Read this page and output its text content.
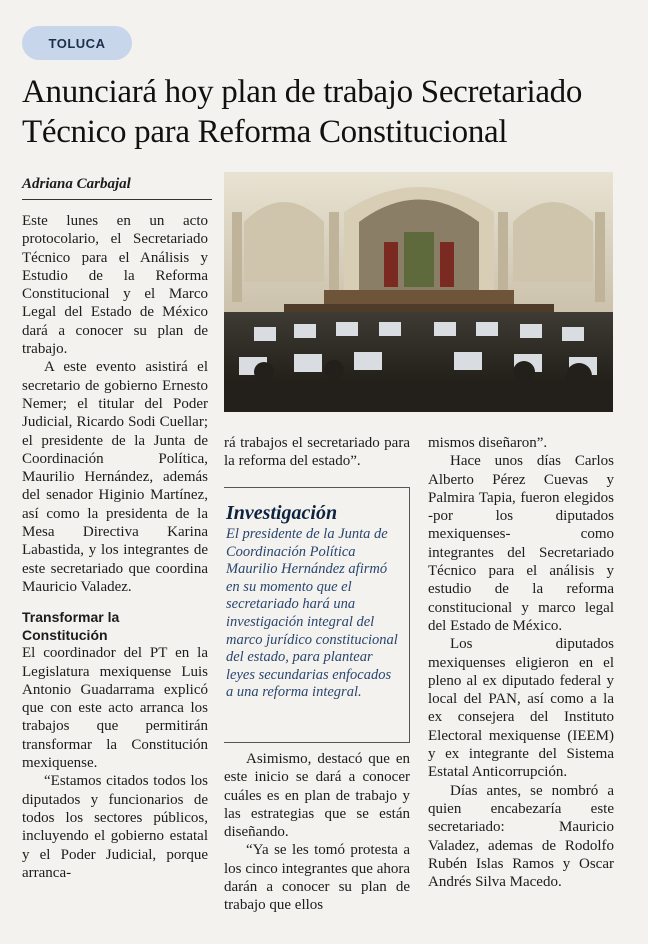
TOLUCA
Anunciará hoy plan de trabajo Secretariado Técnico para Reforma Constitucional
Adriana Carbajal

Este lunes en un acto protocolario, el Secretariado Técnico para el Análisis y Estudio de la Reforma Constitucional y el Marco Legal del Estado de México dará a conocer su plan de trabajo.

A este evento asistirá el secretario de gobierno Ernesto Nemer; el titular del Poder Judicial, Ricardo Sodi Cuellar; el presidente de la Junta de Coordinación Política, Maurilio Hernández, además del senador Higinio Martínez, así como la presidenta de la Mesa Directiva Karina Labastida, y los integrantes de este secretariado que coordina Mauricio Valadez.

Transformar la Constitución

El coordinador del PT en la Legislatura mexiquense Luis Antonio Guadarrama explicó que con este acto arranca los trabajos que permitirán transformar la Constitución mexiquense.

“Estamos citados todos los diputados y funcionarios de todos los sectores públicos, incluyendo el gobierno estatal y el Poder Judicial, porque arranca-

rá trabajos el secretariado para la reforma del estado”.

Investigación

El presidente de la Junta de Coordinación Política Maurilio Hernández afirmó en su momento que el secretariado hará una investigación integral del marco jurídico constitucional del estado, para plantear leyes secundarias enfocados a una reforma integral.

Asimismo, destacó que en este inicio se dará a conocer cuáles es en plan de trabajo y las estrategias que se están diseñando.

“Ya se les tomó protesta a los cinco integrantes que ahora darán a conocer su plan de trabajo que ellos

mismos diseñaron”.

Hace unos días Carlos Alberto Pérez Cuevas y Palmira Tapia, fueron elegidos -por los diputados mexiquenses- como integrantes del Secretariado Técnico para el análisis y estudio de la reforma constitucional y marco legal del Estado de México.

Los diputados mexiquenses eligieron en el pleno al ex diputado federal y local del PAN, así como a la ex consejera del Instituto Electoral mexiquense (IEEM) y ex integrante del Sistema Estatal Anticorrupción.

Días antes, se nombró a quien encabezaría este secretariado: Mauricio Valadez, ademas de Rodolfo Rubén Islas Ramos y Oscar Andrés Silva Macedo.
